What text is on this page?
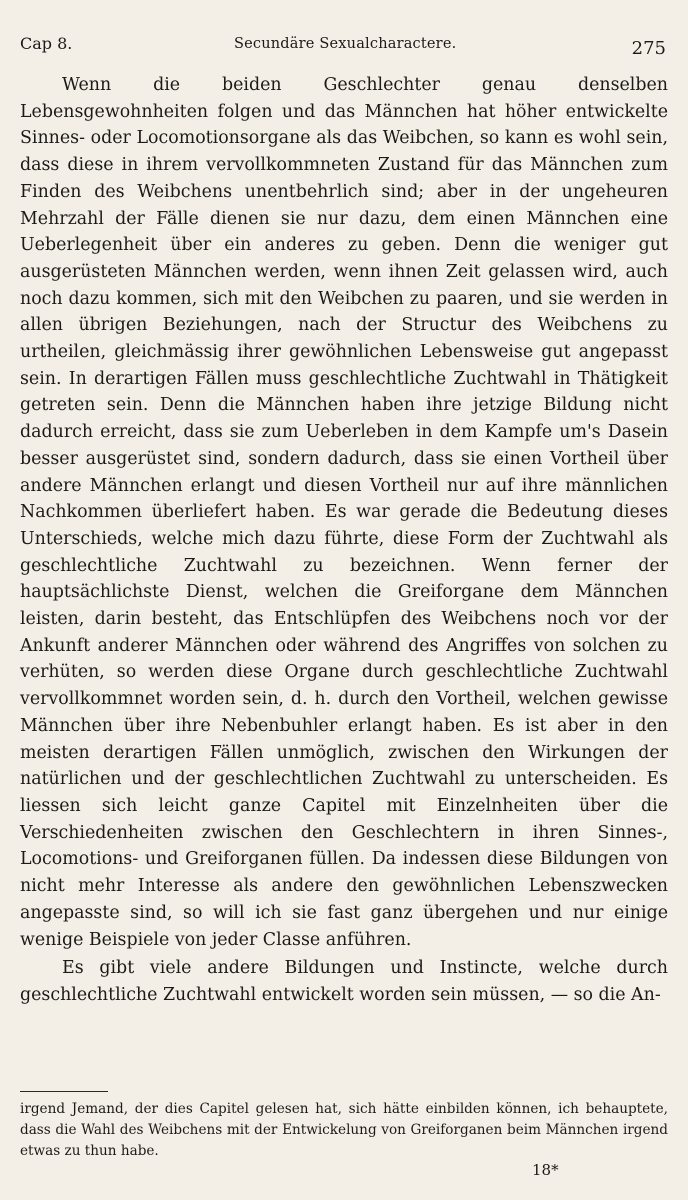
Cap 8.	Secundäre Sexualcharactere.	275

Wenn die beiden Geschlechter genau denselben Lebensgewohnheiten folgen und das Männchen hat höher entwickelte Sinnes- oder Locomotionsorgane als das Weibchen, so kann es wohl sein, dass diese in ihrem vervollkommneten Zustand für das Männchen zum Finden des Weibchens unentbehrlich sind; aber in der ungeheuren Mehrzahl der Fälle dienen sie nur dazu, dem einen Männchen eine Ueberlegenheit über ein anderes zu geben. Denn die weniger gut ausgerüsteten Männchen werden, wenn ihnen Zeit gelassen wird, auch noch dazu kommen, sich mit den Weibchen zu paaren, und sie werden in allen übrigen Beziehungen, nach der Structur des Weibchens zu urtheilen, gleichmässig ihrer gewöhnlichen Lebensweise gut angepasst sein. In derartigen Fällen muss geschlechtliche Zuchtwahl in Thätigkeit getreten sein. Denn die Männchen haben ihre jetzige Bildung nicht dadurch erreicht, dass sie zum Ueberleben in dem Kampfe um's Dasein besser ausgerüstet sind, sondern dadurch, dass sie einen Vortheil über andere Männchen erlangt und diesen Vortheil nur auf ihre männlichen Nachkommen überliefert haben. Es war gerade die Bedeutung dieses Unterschieds, welche mich dazu führte, diese Form der Zuchtwahl als geschlechtliche Zuchtwahl zu bezeichnen. Wenn ferner der hauptsächlichste Dienst, welchen die Greiforgane dem Männchen leisten, darin besteht, das Entschlüpfen des Weibchens noch vor der Ankunft anderer Männchen oder während des Angriffes von solchen zu verhüten, so werden diese Organe durch geschlechtliche Zuchtwahl vervollkommnet worden sein, d. h. durch den Vortheil, welchen gewisse Männchen über ihre Nebenbuhler erlangt haben. Es ist aber in den meisten derartigen Fällen unmöglich, zwischen den Wirkungen der natürlichen und der geschlechtlichen Zuchtwahl zu unterscheiden. Es liessen sich leicht ganze Capitel mit Einzelnheiten über die Verschiedenheiten zwischen den Geschlechtern in ihren Sinnes-, Locomotions- und Greiforganen füllen. Da indessen diese Bildungen von nicht mehr Interesse als andere den gewöhnlichen Lebenszwecken angepasste sind, so will ich sie fast ganz übergehen und nur einige wenige Beispiele von jeder Classe anführen.

Es gibt viele andere Bildungen und Instincte, welche durch geschlechtliche Zuchtwahl entwickelt worden sein müssen, — so die An-

irgend Jemand, der dies Capitel gelesen hat, sich hätte einbilden können, ich behauptete, dass die Wahl des Weibchens mit der Entwickelung von Greiforganen beim Männchen irgend etwas zu thun habe.

18*
